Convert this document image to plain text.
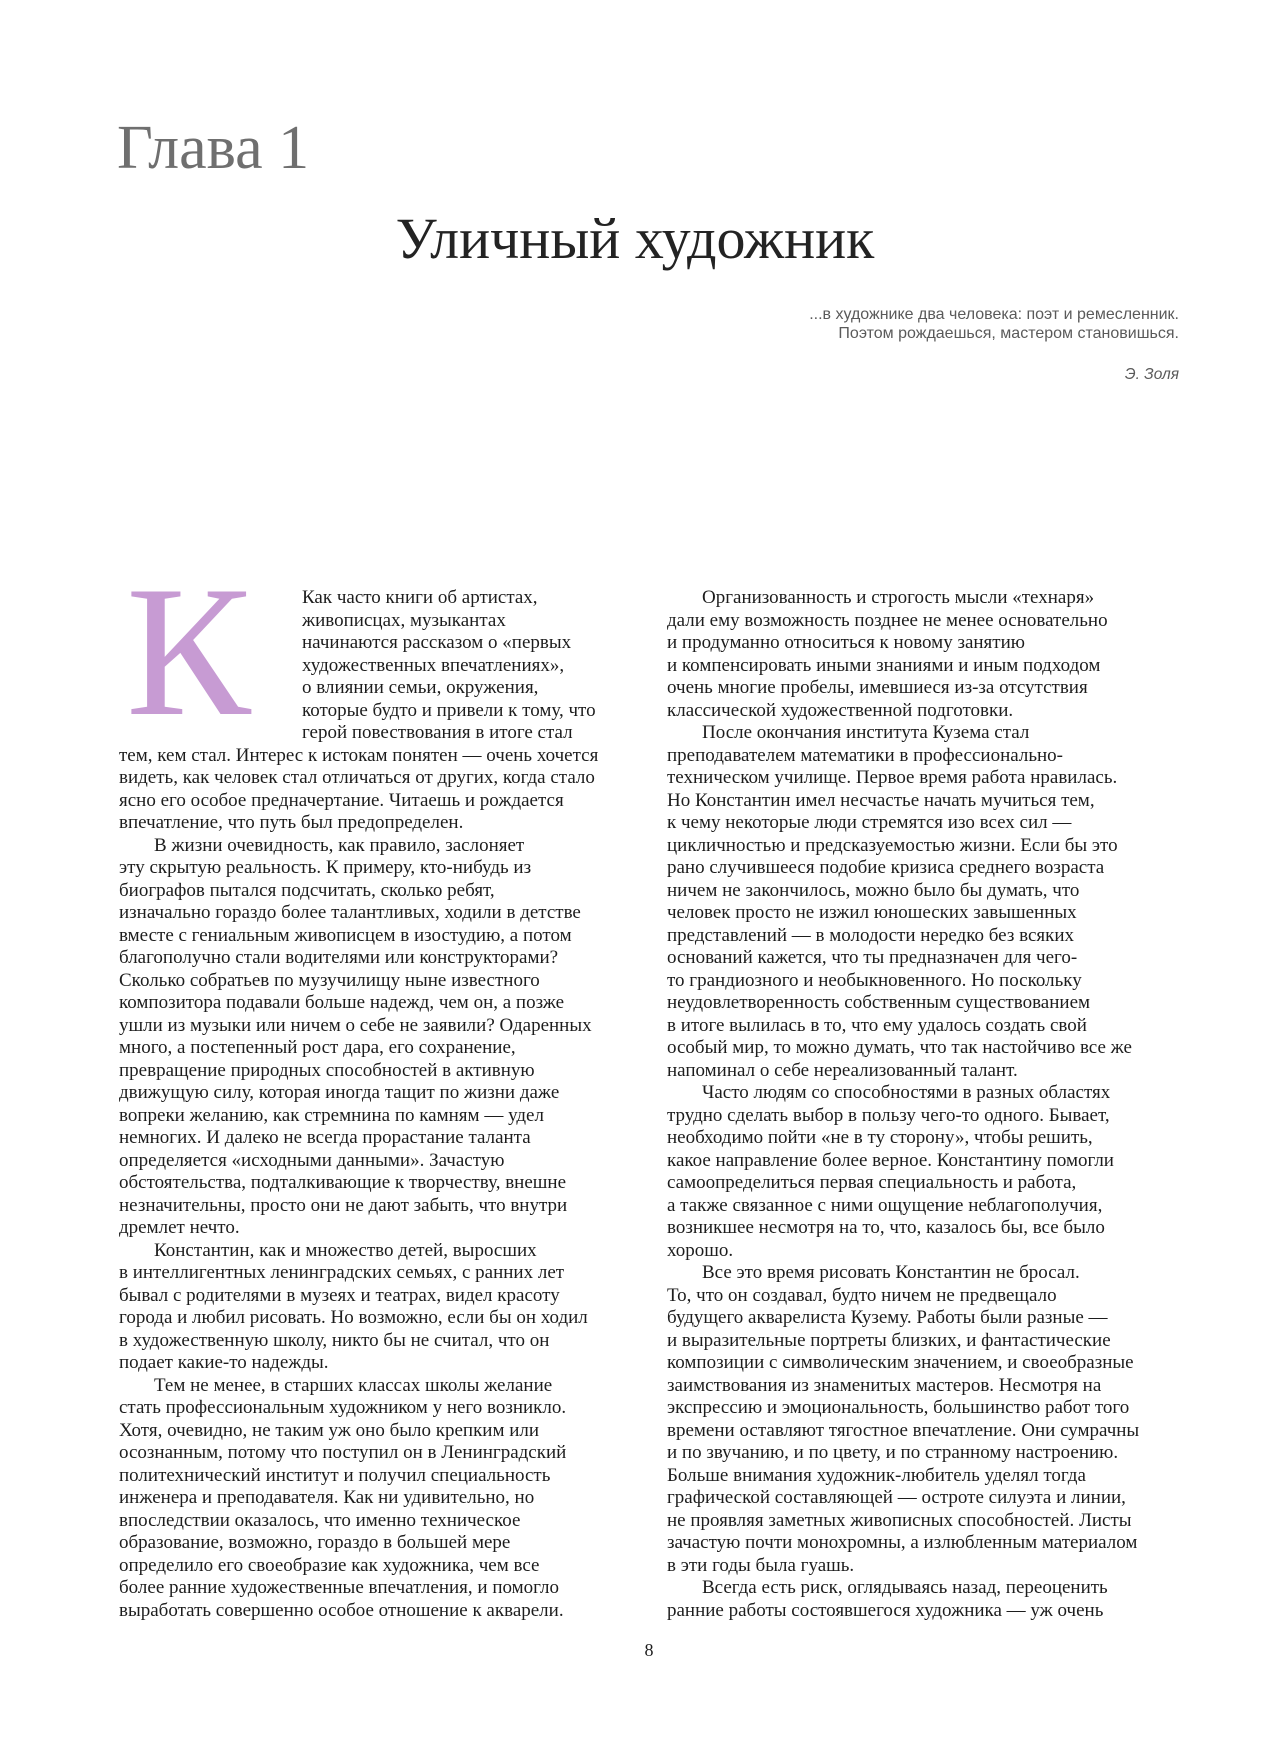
Глава 1
Уличный художник
...в художнике два человека: поэт и ремесленник.
Поэтом рождаешься, мастером становишься.
Э. Золя
К	Как часто книги об артистах,
живописцах, музыкантах
начинаются рассказом о «первых
художественных впечатлениях»,
о влиянии семьи, окружения,
которые будто и привели к тому, что
герой повествования в итоге стал
тем, кем стал. Интерес к истокам понятен — очень хочется
видеть, как человек стал отличаться от других, когда стало
ясно его особое предначертание. Читаешь и рождается
впечатление, что путь был предопределен.
В жизни очевидность, как правило, заслоняет
эту скрытую реальность. К примеру, кто-нибудь из
биографов пытался подсчитать, сколько ребят,
изначально гораздо более талантливых, ходили в детстве
вместе с гениальным живописцем в изостудию, а потом
благополучно стали водителями или конструкторами?
Сколько собратьев по музучилищу ныне известного
композитора подавали больше надежд, чем он, а позже
ушли из музыки или ничем о себе не заявили? Одаренных
много, а постепенный рост дара, его сохранение,
превращение природных способностей в активную
движущую силу, которая иногда тащит по жизни даже
вопреки желанию, как стремнина по камням — удел
немногих. И далеко не всегда прорастание таланта
определяется «исходными данными». Зачастую
обстоятельства, подталкивающие к творчеству, внешне
незначительны, просто они не дают забыть, что внутри
дремлет нечто.
Константин, как и множество детей, выросших
в интеллигентных ленинградских семьях, с ранних лет
бывал с родителями в музеях и театрах, видел красоту
города и любил рисовать. Но возможно, если бы он ходил
в художественную школу, никто бы не считал, что он
подает какие-то надежды.
Тем не менее, в старших классах школы желание
стать профессиональным художником у него возникло.
Хотя, очевидно, не таким уж оно было крепким или
осознанным, потому что поступил он в Ленинградский
политехнический институт и получил специальность
инженера и преподавателя. Как ни удивительно, но
впоследствии оказалось, что именно техническое
образование, возможно, гораздо в большей мере
определило его своеобразие как художника, чем все
более ранние художественные впечатления, и помогло
выработать совершенно особое отношение к акварели.
Организованность и строгость мысли «технаря»
дали ему возможность позднее не менее основательно
и продуманно относиться к новому занятию
и компенсировать иными знаниями и иным подходом
очень многие пробелы, имевшиеся из-за отсутствия
классической художественной подготовки.
После окончания института Кузема стал
преподавателем математики в профессионально-
техническом училище. Первое время работа нравилась.
Но Константин имел несчастье начать мучиться тем,
к чему некоторые люди стремятся изо всех сил —
цикличностью и предсказуемостью жизни. Если бы это
рано случившееся подобие кризиса среднего возраста
ничем не закончилось, можно было бы думать, что
человек просто не изжил юношеских завышенных
представлений — в молодости нередко без всяких
оснований кажется, что ты предназначен для чего-
то грандиозного и необыкновенного. Но поскольку
неудовлетворенность собственным существованием
в итоге вылилась в то, что ему удалось создать свой
особый мир, то можно думать, что так настойчиво все же
напоминал о себе нереализованный талант.
Часто людям со способностями в разных областях
трудно сделать выбор в пользу чего-то одного. Бывает,
необходимо пойти «не в ту сторону», чтобы решить,
какое направление более верное. Константину помогли
самоопределиться первая специальность и работа,
а также связанное с ними ощущение неблагополучия,
возникшее несмотря на то, что, казалось бы, все было
хорошо.
Все это время рисовать Константин не бросал.
То, что он создавал, будто ничем не предвещало
будущего акварелиста Кузему. Работы были разные —
и выразительные портреты близких, и фантастические
композиции с символическим значением, и своеобразные
заимствования из знаменитых мастеров. Несмотря на
экспрессию и эмоциональность, большинство работ того
времени оставляют тягостное впечатление. Они сумрачны
и по звучанию, и по цвету, и по странному настроению.
Больше внимания художник-любитель уделял тогда
графической составляющей — остроте силуэта и линии,
не проявляя заметных живописных способностей. Листы
зачастую почти монохромны, а излюбленным материалом
в эти годы была гуашь.
Всегда есть риск, оглядываясь назад, переоценить
ранние работы состоявшегося художника — уж очень
8
